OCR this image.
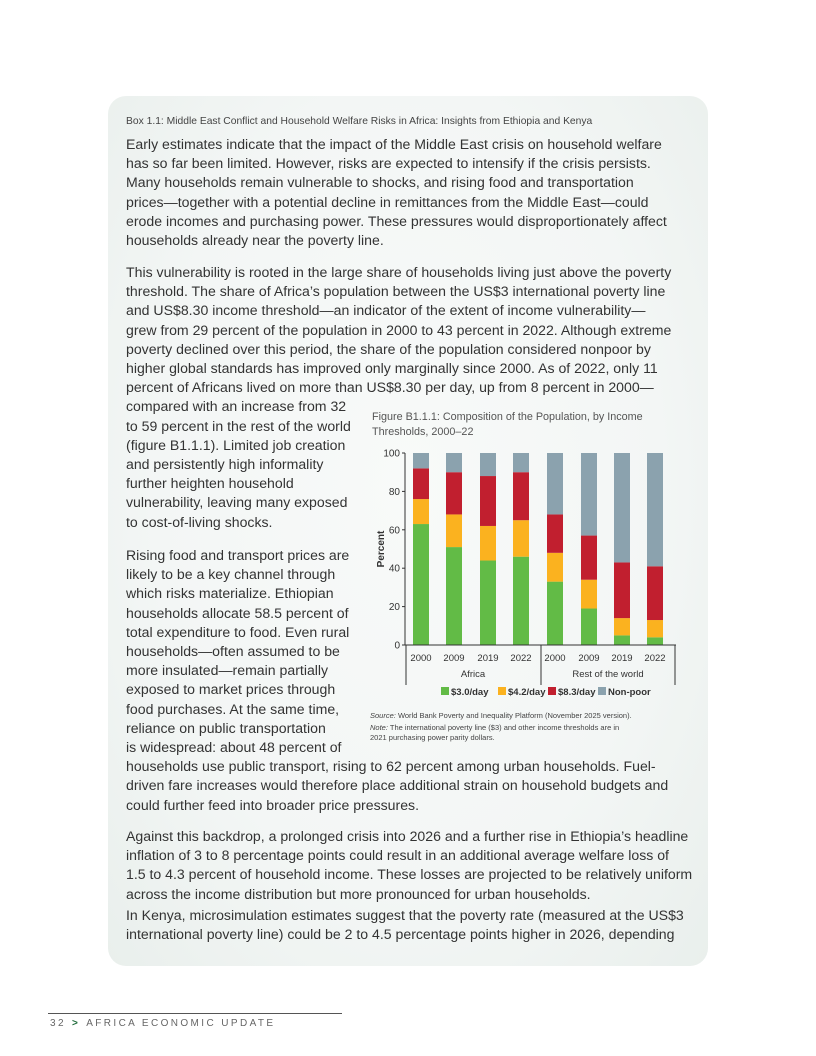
Box 1.1: Middle East Conflict and Household Welfare Risks in Africa: Insights from Ethiopia and Kenya
Early estimates indicate that the impact of the Middle East crisis on household welfare
has so far been limited. However, risks are expected to intensify if the crisis persists.
Many households remain vulnerable to shocks, and rising food and transportation
prices—together with a potential decline in remittances from the Middle East—could
erode incomes and purchasing power. These pressures would disproportionately affect
households already near the poverty line.
This vulnerability is rooted in the large share of households living just above the poverty
threshold. The share of Africa’s population between the US$3 international poverty line
and US$8.30 income threshold—an indicator of the extent of income vulnerability—
grew from 29 percent of the population in 2000 to 43 percent in 2022. Although extreme
poverty declined over this period, the share of the population considered nonpoor by
higher global standards has improved only marginally since 2000. As of 2022, only 11
percent of Africans lived on more than US$8.30 per day, up from 8 percent in 2000—
compared with an increase from 32
to 59 percent in the rest of the world
(figure B1.1.1). Limited job creation
and persistently high informality
further heighten household
vulnerability, leaving many exposed
to cost-of-living shocks.
Rising food and transport prices are
likely to be a key channel through
which risks materialize. Ethiopian
households allocate 58.5 percent of
total expenditure to food. Even rural
households—often assumed to be
more insulated—remain partially
exposed to market prices through
food purchases. At the same time,
reliance on public transportation
is widespread: about 48 percent of
households use public transport, rising to 62 percent among urban households. Fuel-
driven fare increases would therefore place additional strain on household budgets and
could further feed into broader price pressures.
Against this backdrop, a prolonged crisis into 2026 and a further rise in Ethiopia’s headline
inflation of 3 to 8 percentage points could result in an additional average welfare loss of
1.5 to 4.3 percent of household income. These losses are projected to be relatively uniform
across the income distribution but more pronounced for urban households.
In Kenya, microsimulation estimates suggest that the poverty rate (measured at the US$3
international poverty line) could be 2 to 4.5 percentage points higher in 2026, depending
Figure B1.1.1: Composition of the Population, by Income
Thresholds, 2000–22
0
20
40
60
80
100
Percent
2000 2009 2019 2022 2000 2009 2019 2022
Africa	Rest of the world
$3.0/day $4.2/day $8.3/day Non-poor
Source: World Bank Poverty and Inequality Platform (November 2025 version).
Note: The international poverty line ($3) and other income thresholds are in
2021 purchasing power parity dollars.
32 > AFRICA ECONOMIC UPDATE
